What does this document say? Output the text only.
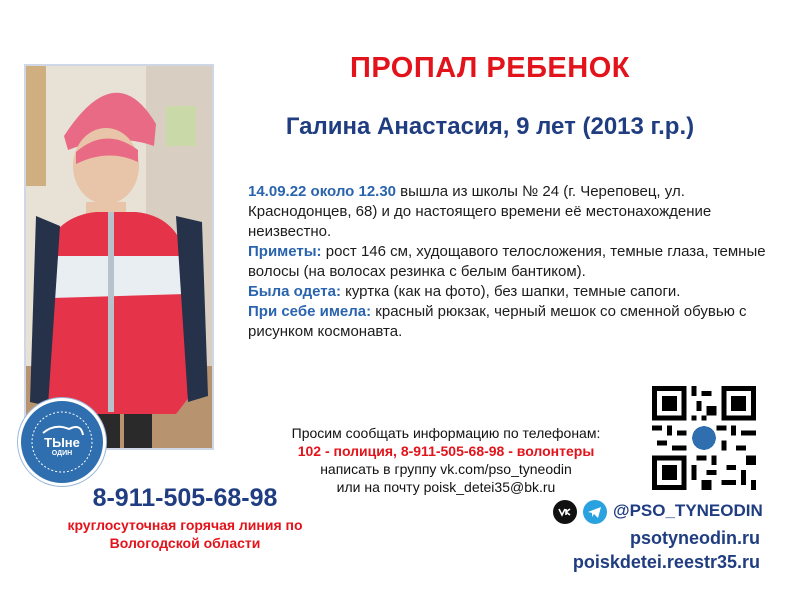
ТЫне
ОДИН
ПРОПАЛ РЕБЕНОК
Галина Анастасия, 9 лет (2013 г.р.)
14.09.22 около 12.30 вышла из школы № 24 (г. Череповец, ул. Краснодонцев, 68) и до настоящего времени её местонахождение неизвестно.
Приметы: рост 146 см, худощавого телосложения, темные глаза, темные волосы (на волосах резинка с белым бантиком).
Была одета: куртка (как на фото), без шапки, темные сапоги.
При себе имела: красный рюкзак, черный мешок со сменной обувью с рисунком космонавта.
Просим сообщать информацию по телефонам:
102 - полиция, 8-911-505-68-98 - волонтеры
написать в группу vk.com/pso_tyneodin
или на почту poisk_detei35@bk.ru
8-911-505-68-98
круглосуточная горячая линия по Вологодской области
@PSO_TYNEODIN
psotyneodin.ru
poiskdetei.reestr35.ru
